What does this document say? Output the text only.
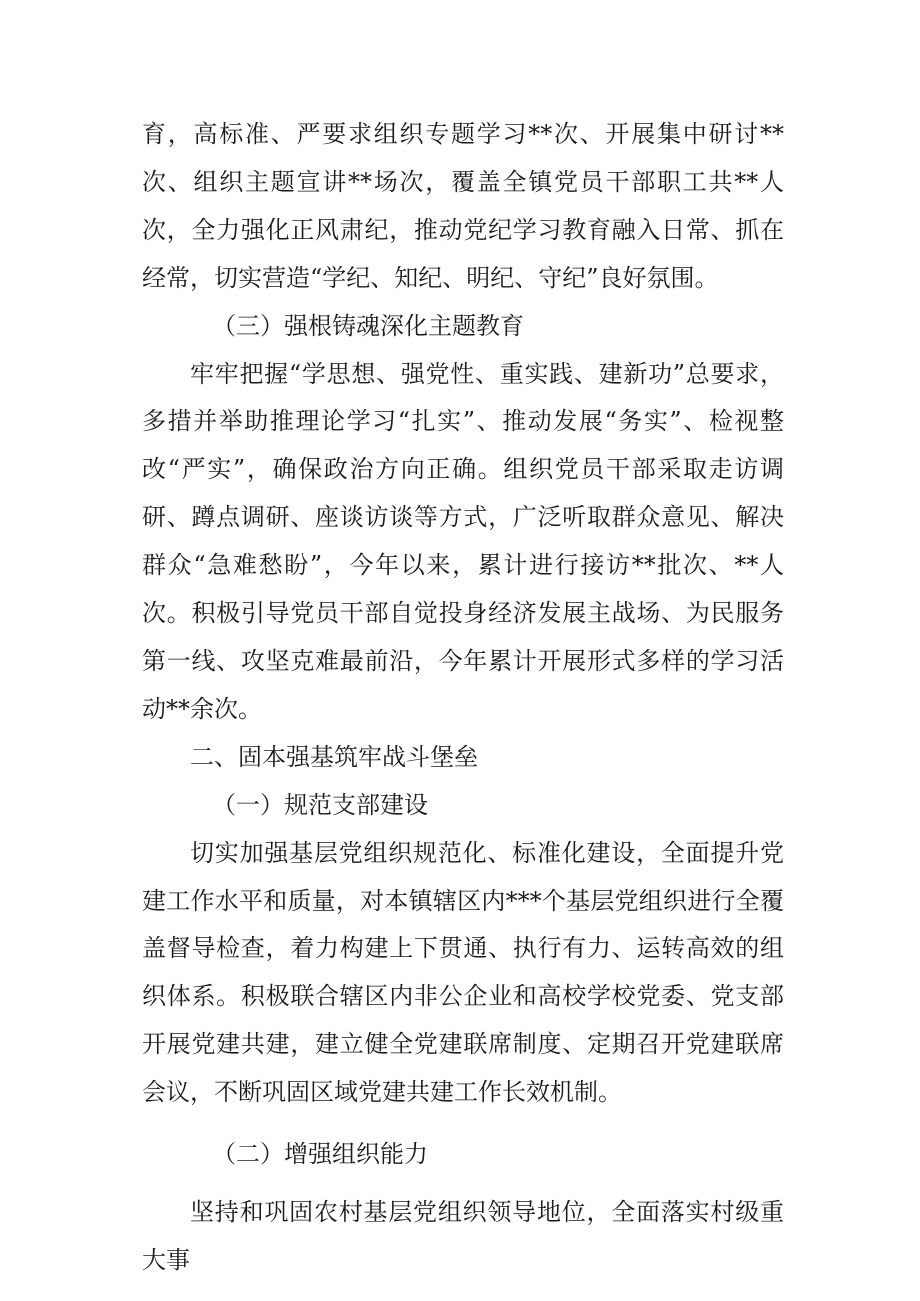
育，高标准、严要求组织专题学习**次、开展集中研讨**次、组织主题宣讲**场次，覆盖全镇党员干部职工共**人次，全力强化正风肃纪，推动党纪学习教育融入日常、抓在经常，切实营造“学纪、知纪、明纪、守纪”良好氛围。

（三）强根铸魂深化主题教育

牢牢把握“学思想、强党性、重实践、建新功”总要求，多措并举助推理论学习“扎实”、推动发展“务实”、检视整改“严实”，确保政治方向正确。组织党员干部采取走访调研、蹲点调研、座谈访谈等方式，广泛听取群众意见、解决群众“急难愁盼”，今年以来，累计进行接访**批次、**人次。积极引导党员干部自觉投身经济发展主战场、为民服务第一线、攻坚克难最前沿，今年累计开展形式多样的学习活动**余次。

二、固本强基筑牢战斗堡垒

（一）规范支部建设

切实加强基层党组织规范化、标准化建设，全面提升党建工作水平和质量，对本镇辖区内***个基层党组织进行全覆盖督导检查，着力构建上下贯通、执行有力、运转高效的组织体系。积极联合辖区内非公企业和高校学校党委、党支部开展党建共建，建立健全党建联席制度、定期召开党建联席会议，不断巩固区域党建共建工作长效机制。

（二）增强组织能力

坚持和巩固农村基层党组织领导地位，全面落实村级重大事
